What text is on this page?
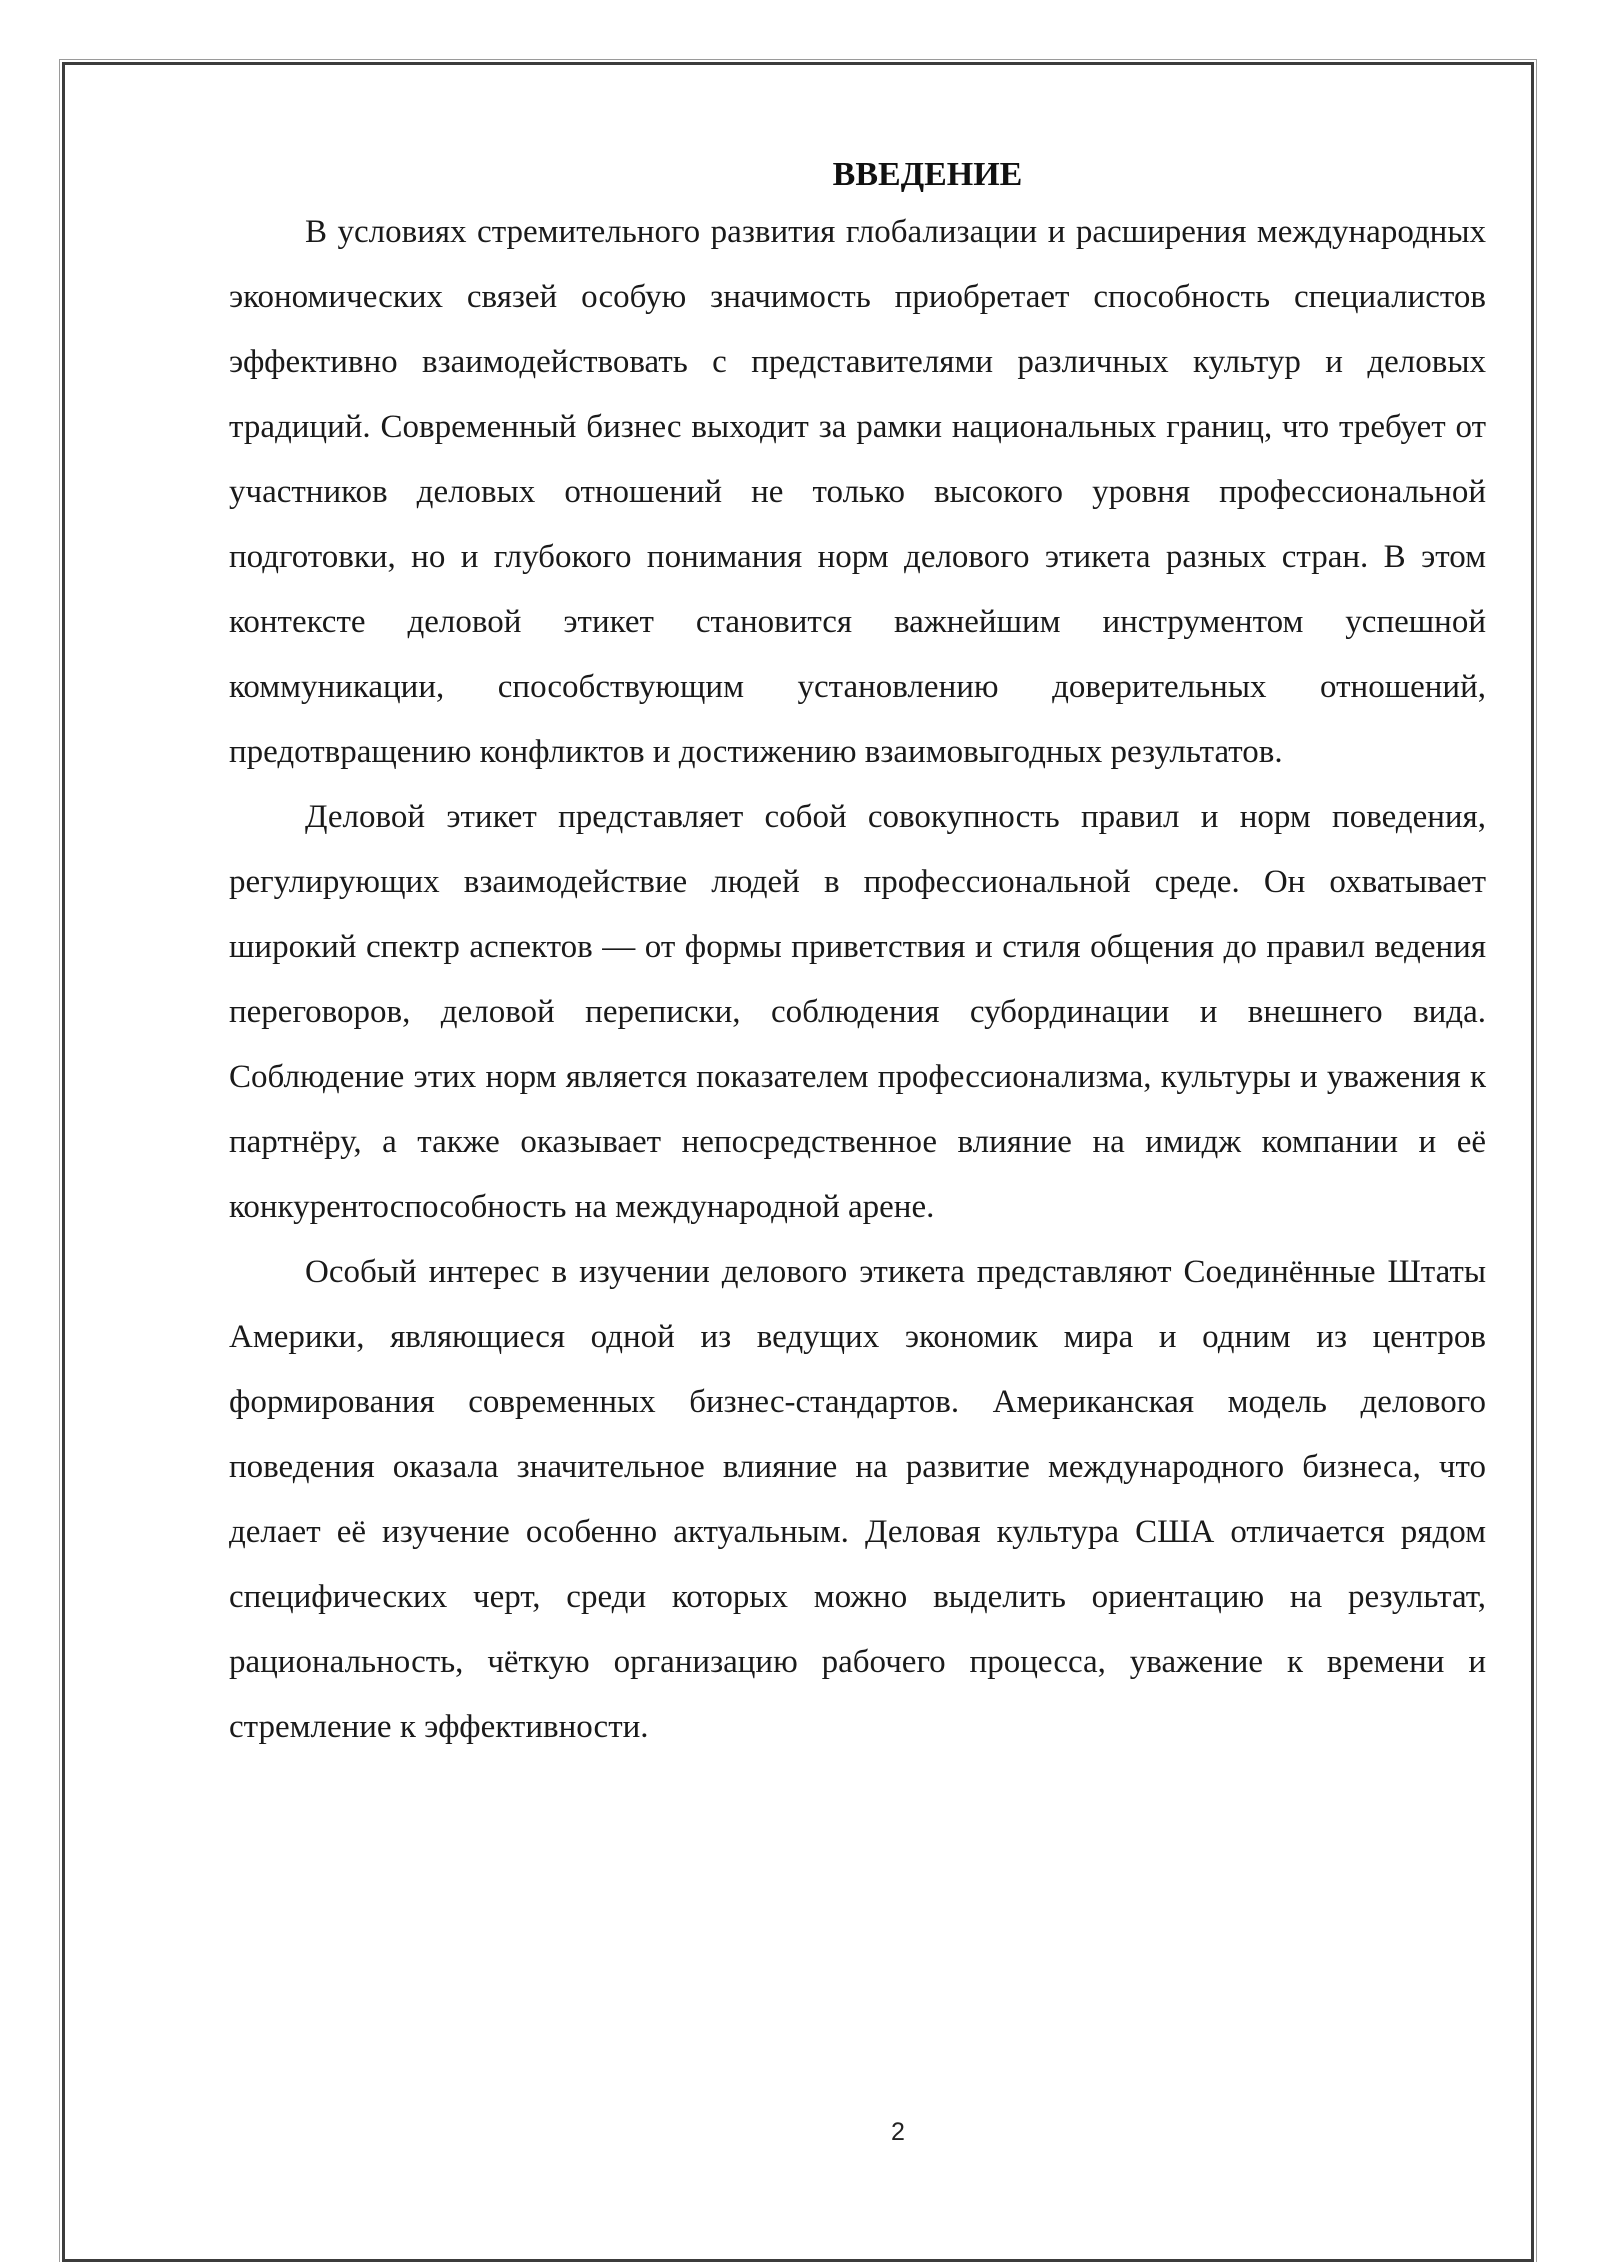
ВВЕДЕНИЕ

В условиях стремительного развития глобализации и расширения международных экономических связей особую значимость приобретает способность специалистов эффективно взаимодействовать с представителями различных культур и деловых традиций. Современный бизнес выходит за рамки национальных границ, что требует от участников деловых отношений не только высокого уровня профессиональной подготовки, но и глубокого понимания норм делового этикета разных стран. В этом контексте деловой этикет становится важнейшим инструментом успешной коммуникации, способствующим установлению доверительных отношений, предотвращению конфликтов и достижению взаимовыгодных результатов.

Деловой этикет представляет собой совокупность правил и норм поведения, регулирующих взаимодействие людей в профессиональной среде. Он охватывает широкий спектр аспектов — от формы приветствия и стиля общения до правил ведения переговоров, деловой переписки, соблюдения субординации и внешнего вида. Соблюдение этих норм является показателем профессионализма, культуры и уважения к партнёру, а также оказывает непосредственное влияние на имидж компании и её конкурентоспособность на международной арене.

Особый интерес в изучении делового этикета представляют Соединённые Штаты Америки, являющиеся одной из ведущих экономик мира и одним из центров формирования современных бизнес-стандартов. Американская модель делового поведения оказала значительное влияние на развитие международного бизнеса, что делает её изучение особенно актуальным. Деловая культура США отличается рядом специфических черт, среди которых можно выделить ориентацию на результат, рациональность, чёткую организацию рабочего процесса, уважение к времени и стремление к эффективности.

2
